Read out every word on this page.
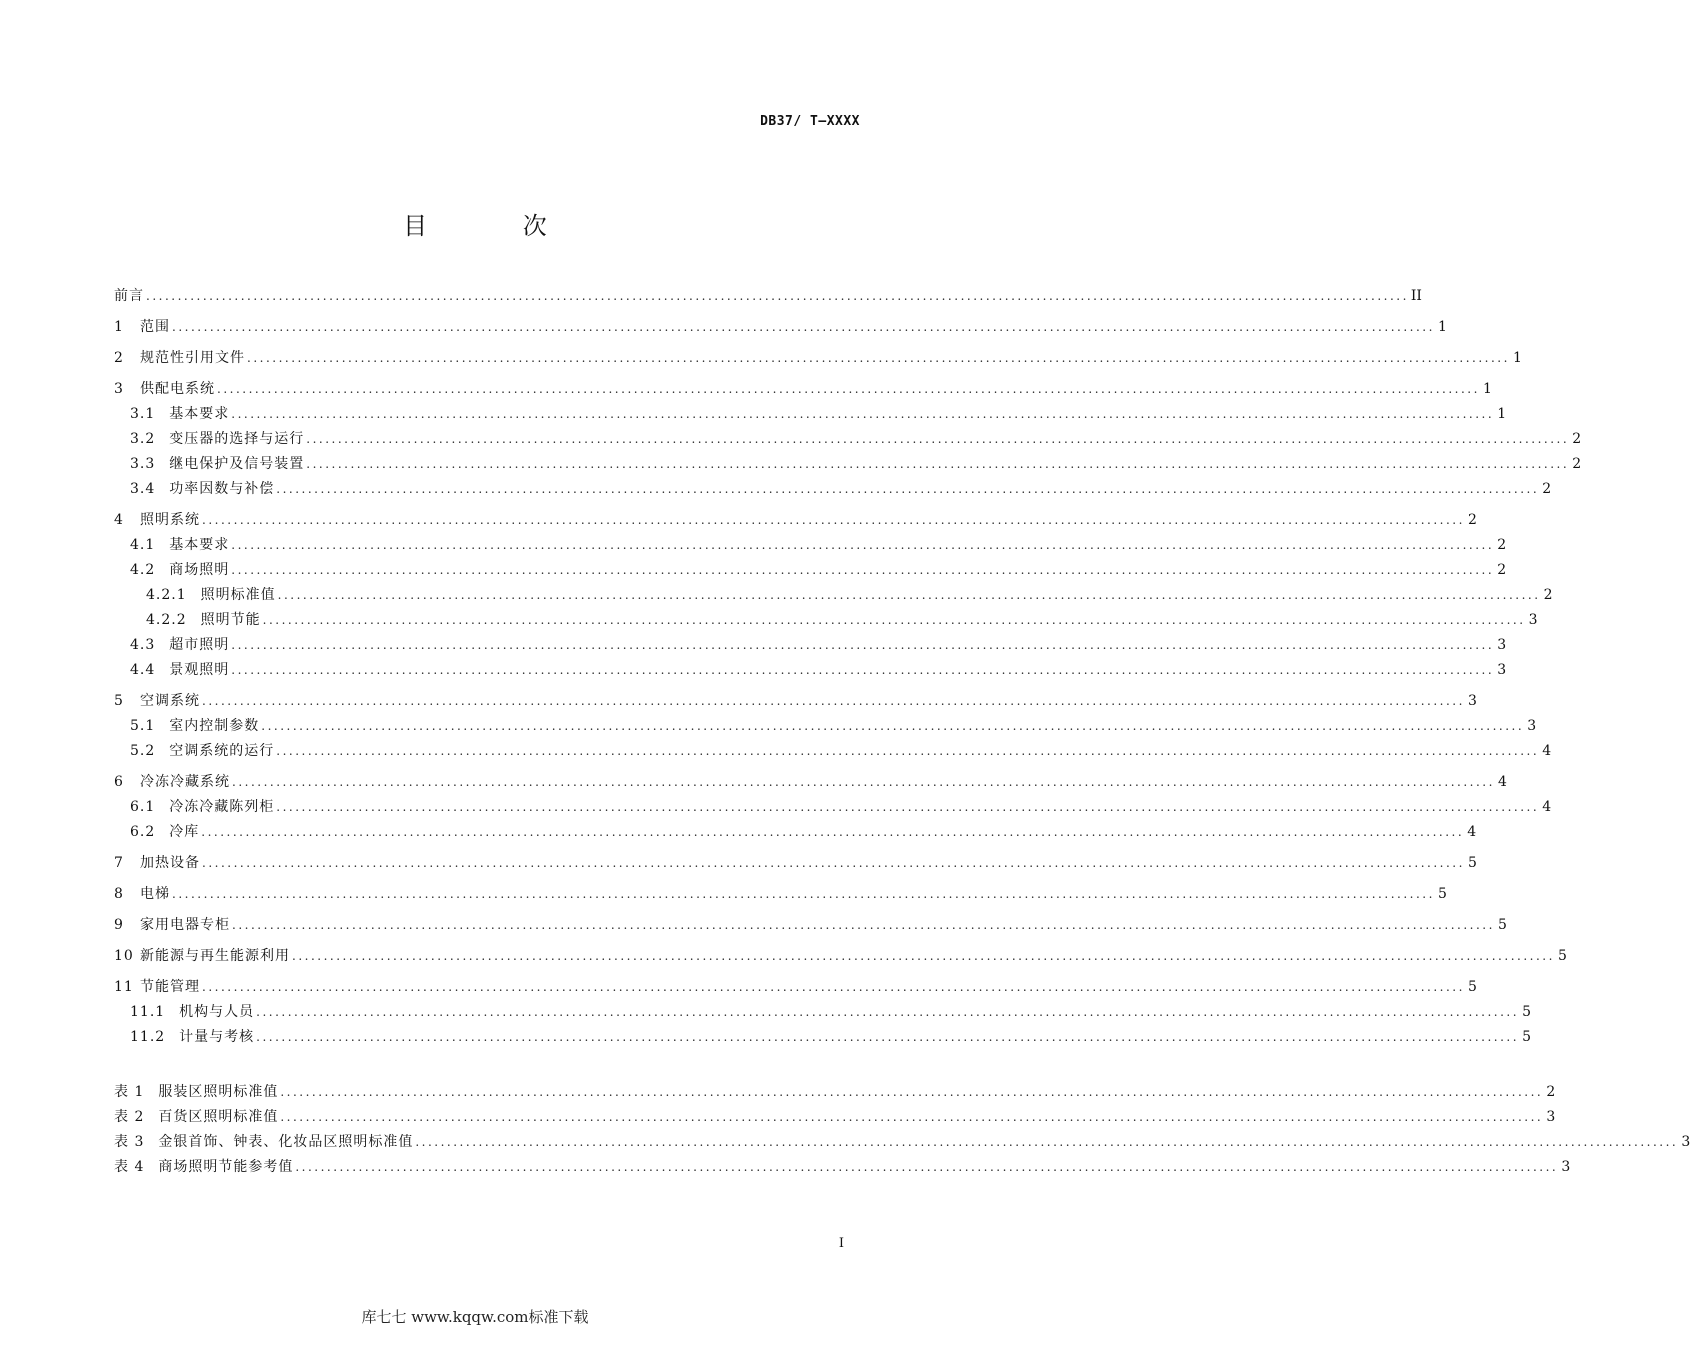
DB37/ T—XXXX
目 次
前言 ........................................................................................................................................................................................................ II
1 范围 ........................................................................................................................................................................................................ 1
2 规范性引用文件 ........................................................................................................................................................................................................ 1
3 供配电系统 ........................................................................................................................................................................................................ 1
3.1 基本要求 ........................................................................................................................................................................................................ 1
3.2 变压器的选择与运行 ........................................................................................................................................................................................................ 2
3.3 继电保护及信号装置 ........................................................................................................................................................................................................ 2
3.4 功率因数与补偿 ........................................................................................................................................................................................................ 2
4 照明系统 ........................................................................................................................................................................................................ 2
4.1 基本要求 ........................................................................................................................................................................................................ 2
4.2 商场照明 ........................................................................................................................................................................................................ 2
4.2.1 照明标准值 ........................................................................................................................................................................................................ 2
4.2.2 照明节能 ........................................................................................................................................................................................................ 3
4.3 超市照明 ........................................................................................................................................................................................................ 3
4.4 景观照明 ........................................................................................................................................................................................................ 3
5 空调系统 ........................................................................................................................................................................................................ 3
5.1 室内控制参数 ........................................................................................................................................................................................................ 3
5.2 空调系统的运行 ........................................................................................................................................................................................................ 4
6 冷冻冷藏系统 ........................................................................................................................................................................................................ 4
6.1 冷冻冷藏陈列柜 ........................................................................................................................................................................................................ 4
6.2 冷库 ........................................................................................................................................................................................................ 4
7 加热设备 ........................................................................................................................................................................................................ 5
8 电梯 ........................................................................................................................................................................................................ 5
9 家用电器专柜 ........................................................................................................................................................................................................ 5
10 新能源与再生能源利用 ........................................................................................................................................................................................................ 5
11 节能管理 ........................................................................................................................................................................................................ 5
11.1 机构与人员 ........................................................................................................................................................................................................ 5
11.2 计量与考核 ........................................................................................................................................................................................................ 5
表 1 服装区照明标准值 ........................................................................................................................................................................................................ 2
表 2 百货区照明标准值 ........................................................................................................................................................................................................ 3
表 3 金银首饰、钟表、化妆品区照明标准值 ........................................................................................................................................................................................................ 3
表 4 商场照明节能参考值 ........................................................................................................................................................................................................ 3
I
库七七 www.kqqw.com标准下载
